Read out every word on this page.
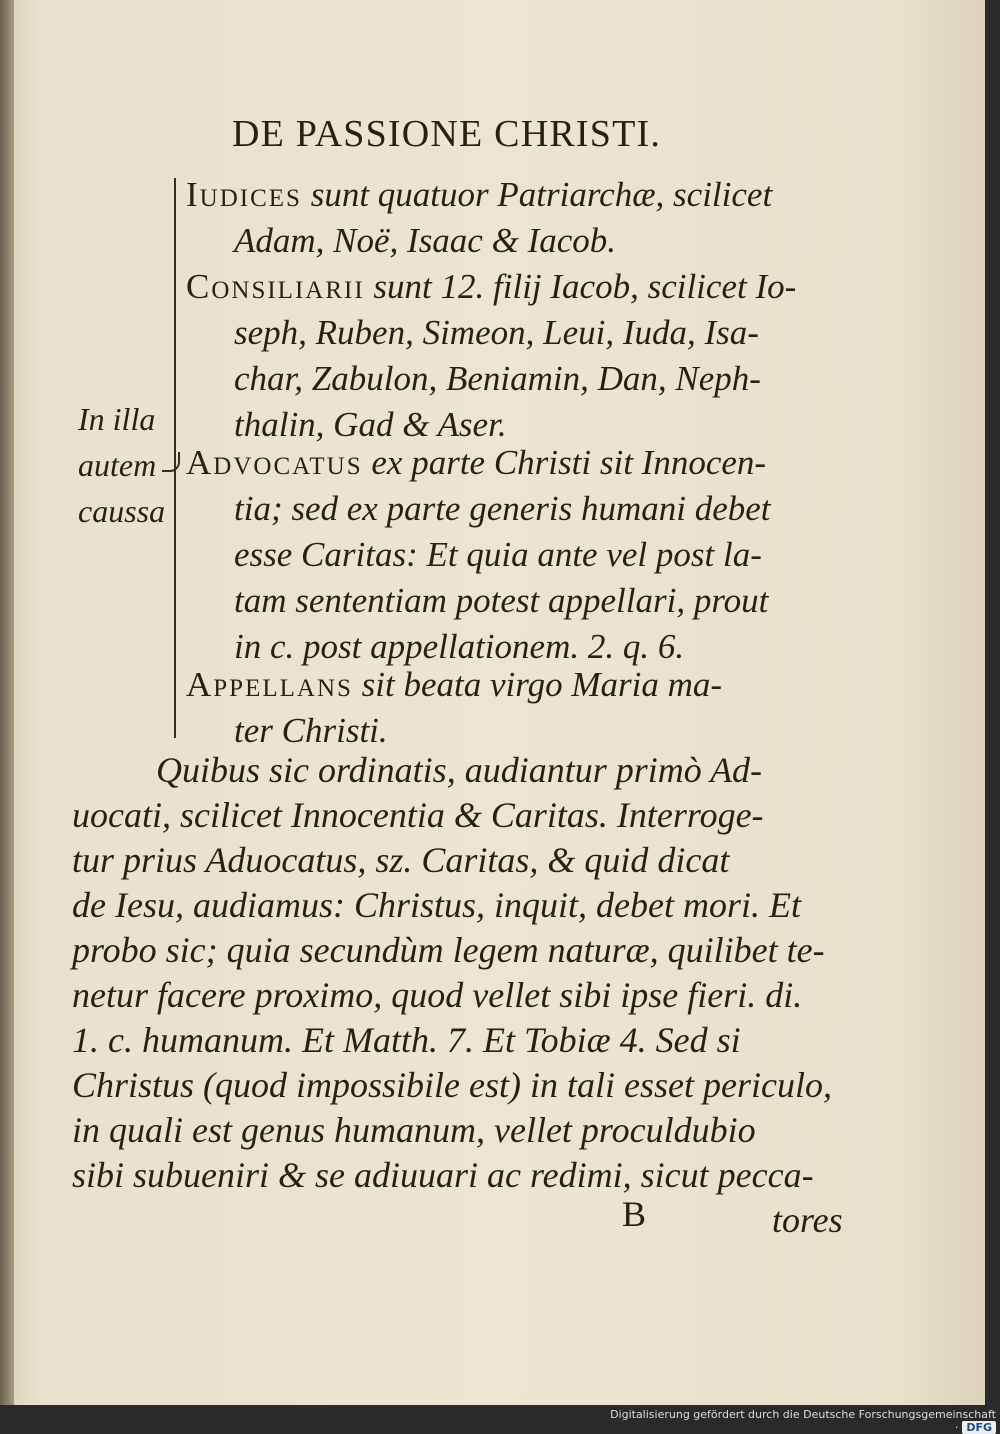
DE PASSIONE CHRISTI.
In illa
autem
caussa
Iudices sunt quatuor Patriarchæ, scilicet
Adam, Noë, Isaac & Iacob.
Consiliarii sunt 12. filij Iacob, scilicet Io-
seph, Ruben, Simeon, Leui, Iuda, Isa-
char, Zabulon, Beniamin, Dan, Neph-
thalin, Gad & Aser.
Advocatus ex parte Christi sit Innocen-
tia; sed ex parte generis humani debet
esse Caritas: Et quia ante vel post la-
tam sententiam potest appellari, prout
in c. post appellationem. 2. q. 6.
Appellans sit beata virgo Maria ma-
ter Christi.
Quibus sic ordinatis, audiantur primò Ad-
uocati, scilicet Innocentia & Caritas. Interroge-
tur prius Aduocatus, sz. Caritas, & quid dicat
de Iesu, audiamus: Christus, inquit, debet mori. Et
probo sic; quia secundùm legem naturæ, quilibet te-
netur facere proximo, quod vellet sibi ipse fieri. di.
1. c. humanum. Et Matth. 7. Et Tobiæ 4. Sed si
Christus (quod impossibile est) in tali esset periculo,
in quali est genus humanum, vellet proculdubio
sibi subueniri & se adiuuari ac redimi, sicut pecca-
B	tores
Digitalisierung gefördert durch die Deutsche Forschungsgemeinschaft · DFG
